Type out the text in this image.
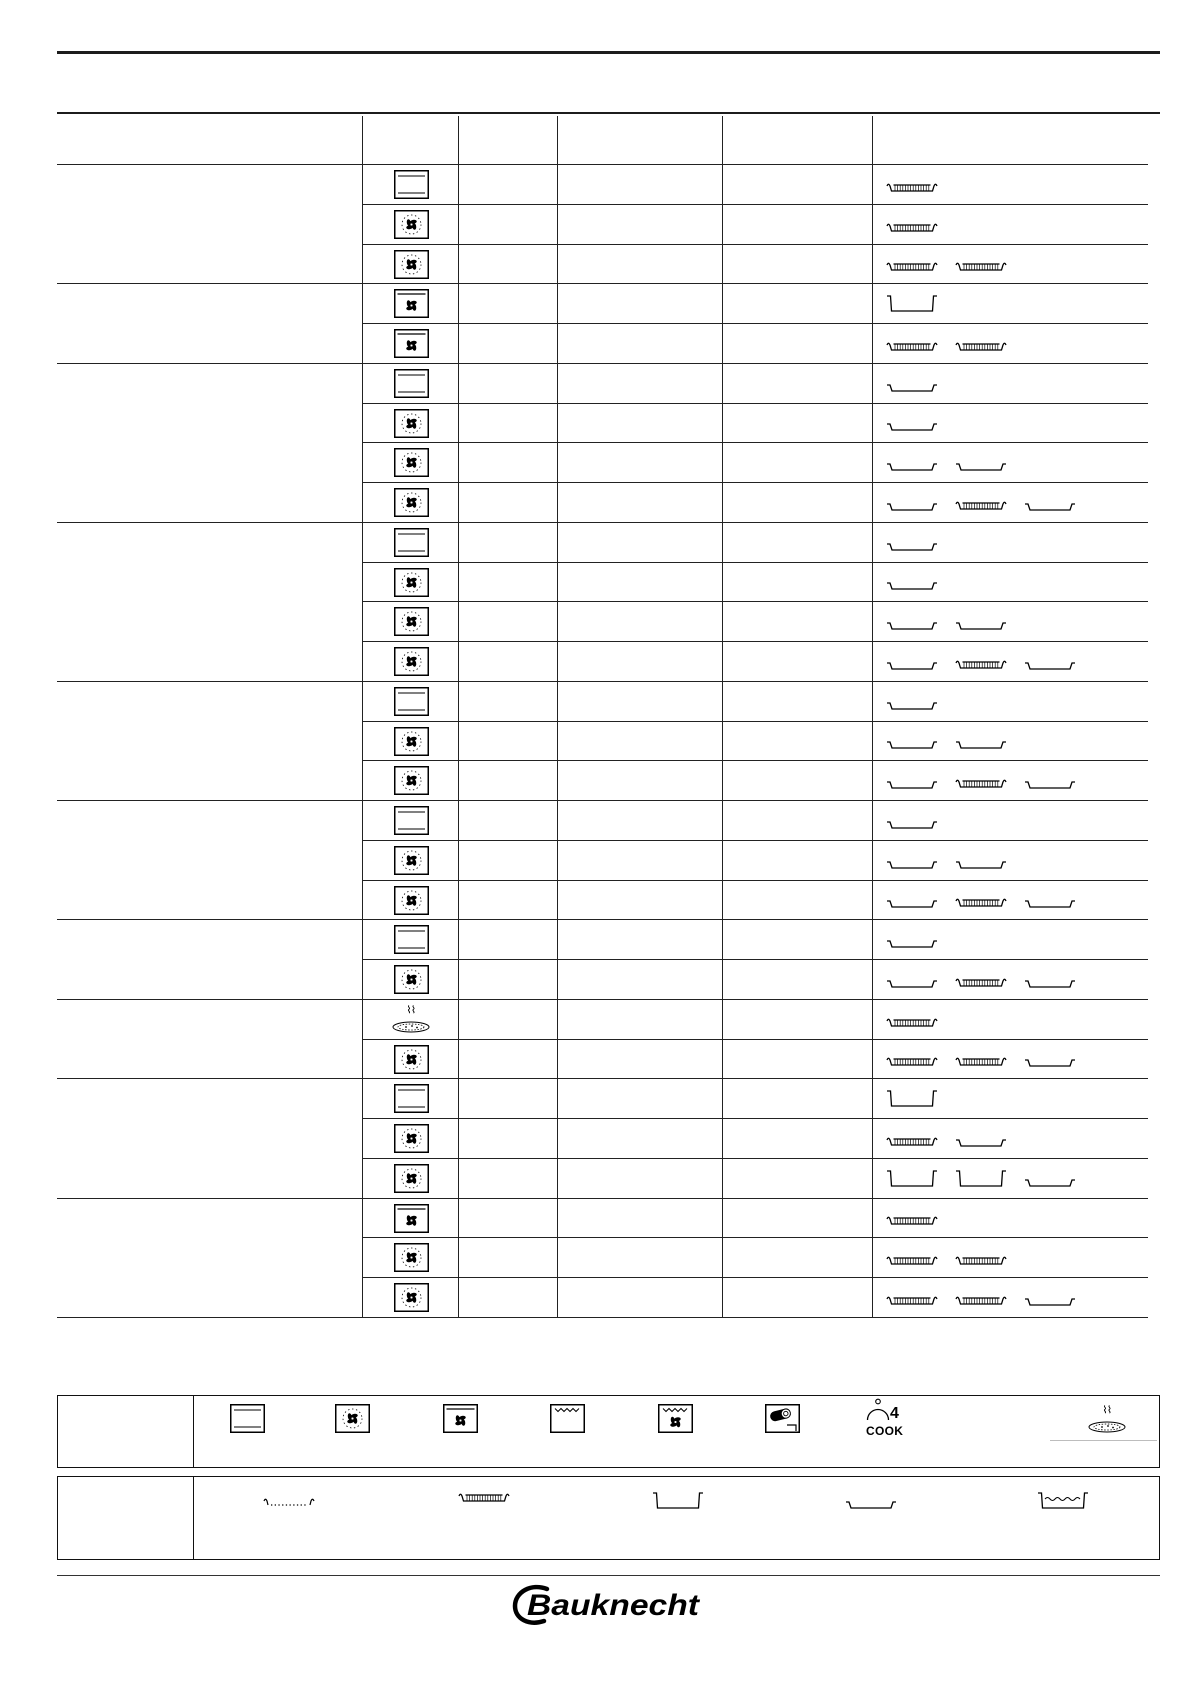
4
COOK
Bauknecht
